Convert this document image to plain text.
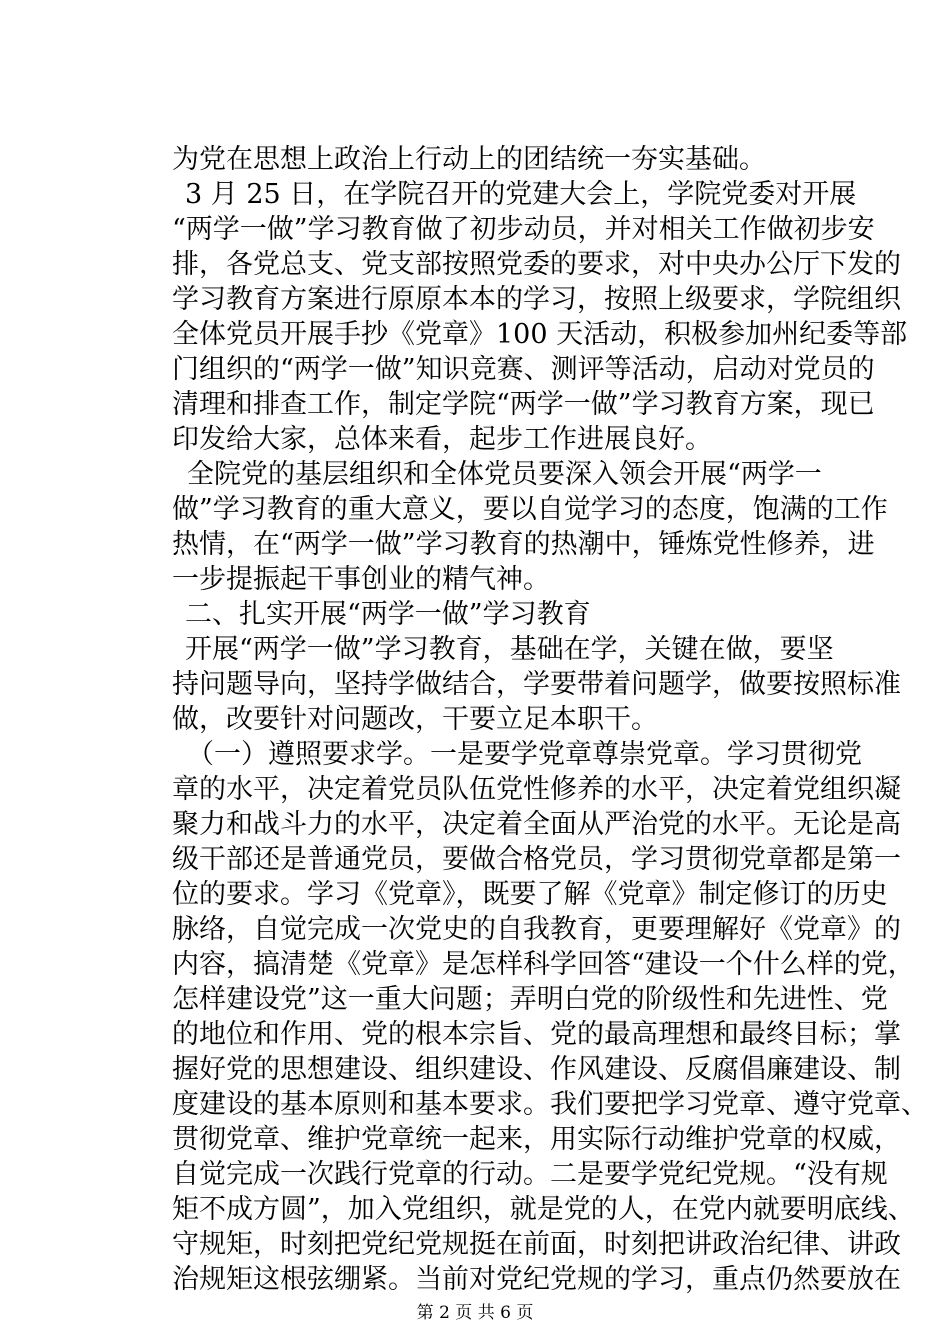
为党在思想上政治上行动上的团结统一夯实基础。
3 月 25 日，在学院召开的党建大会上，学院党委对开展
“两学一做”学习教育做了初步动员，并对相关工作做初步安
排，各党总支、党支部按照党委的要求，对中央办公厅下发的
学习教育方案进行原原本本的学习，按照上级要求，学院组织
全体党员开展手抄《党章》100 天活动，积极参加州纪委等部
门组织的“两学一做”知识竞赛、测评等活动，启动对党员的
清理和排查工作，制定学院“两学一做”学习教育方案，现已
印发给大家，总体来看，起步工作进展良好。
全院党的基层组织和全体党员要深入领会开展“两学一
做”学习教育的重大意义，要以自觉学习的态度，饱满的工作
热情，在“两学一做”学习教育的热潮中，锤炼党性修养，进
一步提振起干事创业的精气神。
二、扎实开展“两学一做”学习教育
开展“两学一做”学习教育，基础在学，关键在做，要坚
持问题导向，坚持学做结合，学要带着问题学，做要按照标准
做，改要针对问题改，干要立足本职干。
（一）遵照要求学。一是要学党章尊崇党章。学习贯彻党
章的水平，决定着党员队伍党性修养的水平，决定着党组织凝
聚力和战斗力的水平，决定着全面从严治党的水平。无论是高
级干部还是普通党员，要做合格党员，学习贯彻党章都是第一
位的要求。学习《党章》，既要了解《党章》制定修订的历史
脉络，自觉完成一次党史的自我教育，更要理解好《党章》的
内容，搞清楚《党章》是怎样科学回答“建设一个什么样的党，
怎样建设党”这一重大问题；弄明白党的阶级性和先进性、党
的地位和作用、党的根本宗旨、党的最高理想和最终目标；掌
握好党的思想建设、组织建设、作风建设、反腐倡廉建设、制
度建设的基本原则和基本要求。我们要把学习党章、遵守党章、
贯彻党章、维护党章统一起来，用实际行动维护党章的权威，
自觉完成一次践行党章的行动。二是要学党纪党规。“没有规
矩不成方圆”，加入党组织，就是党的人，在党内就要明底线、
守规矩，时刻把党纪党规挺在前面，时刻把讲政治纪律、讲政
治规矩这根弦绷紧。当前对党纪党规的学习，重点仍然要放在
第 2 页 共 6 页
